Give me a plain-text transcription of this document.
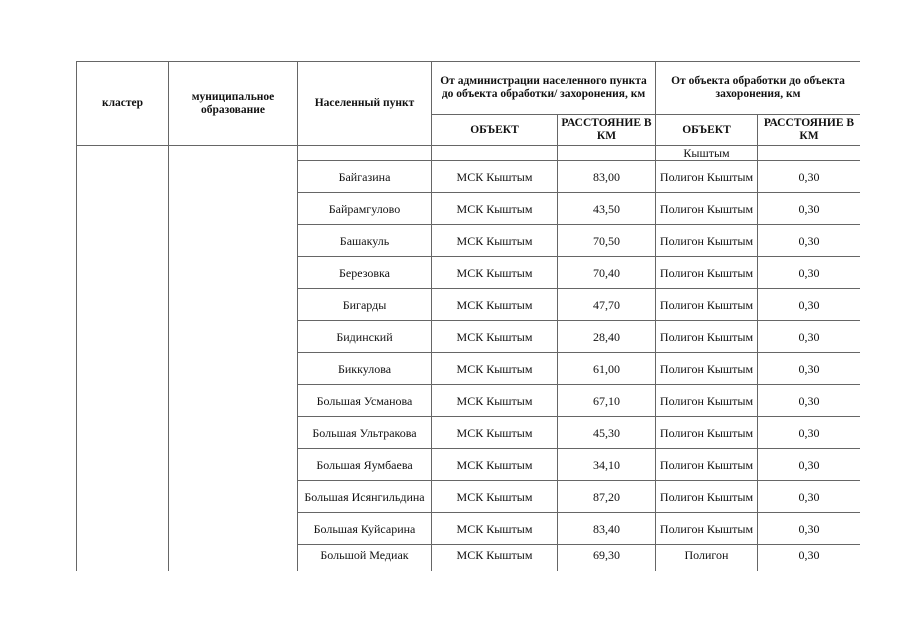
кластер	муниципальное образование	Населенный пункт	От администрации населенного пункта до объекта обработки/ захоронения, км		От объекта обработки до объекта захоронения, км	
			ОБЪЕКТ	РАССТОЯНИЕ В КМ	ОБЪЕКТ	РАССТОЯНИЕ В КМ
					Кыштым	
		Байгазина	МСК Кыштым	83,00	Полигон Кыштым	0,30
		Байрамгулово	МСК Кыштым	43,50	Полигон Кыштым	0,30
		Башакуль	МСК Кыштым	70,50	Полигон Кыштым	0,30
		Березовка	МСК Кыштым	70,40	Полигон Кыштым	0,30
		Бигарды	МСК Кыштым	47,70	Полигон Кыштым	0,30
		Бидинский	МСК Кыштым	28,40	Полигон Кыштым	0,30
		Биккулова	МСК Кыштым	61,00	Полигон Кыштым	0,30
		Большая Усманова	МСК Кыштым	67,10	Полигон Кыштым	0,30
		Большая Ультракова	МСК Кыштым	45,30	Полигон Кыштым	0,30
		Большая Яумбаева	МСК Кыштым	34,10	Полигон Кыштым	0,30
		Большая Исянгильдина	МСК Кыштым	87,20	Полигон Кыштым	0,30
		Большая Куйсарина	МСК Кыштым	83,40	Полигон Кыштым	0,30
		Большой Медиак	МСК Кыштым	69,30	Полигон	0,30
